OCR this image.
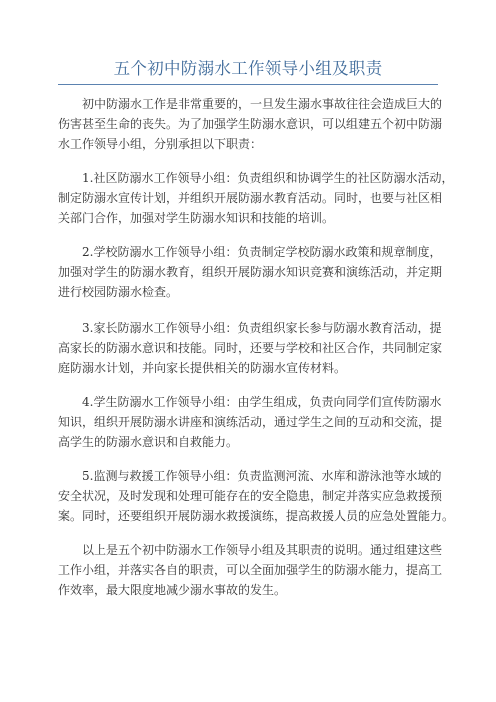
五个初中防溺水工作领导小组及职责
初中防溺水工作是非常重要的，一旦发生溺水事故往往会造成巨大的
伤害甚至生命的丧失。为了加强学生防溺水意识，可以组建五个初中防溺
水工作领导小组，分别承担以下职责：
1.社区防溺水工作领导小组：负责组织和协调学生的社区防溺水活动，
制定防溺水宣传计划，并组织开展防溺水教育活动。同时，也要与社区相
关部门合作，加强对学生防溺水知识和技能的培训。
2.学校防溺水工作领导小组：负责制定学校防溺水政策和规章制度，
加强对学生的防溺水教育，组织开展防溺水知识竞赛和演练活动，并定期
进行校园防溺水检查。
3.家长防溺水工作领导小组：负责组织家长参与防溺水教育活动，提
高家长的防溺水意识和技能。同时，还要与学校和社区合作，共同制定家
庭防溺水计划，并向家长提供相关的防溺水宣传材料。
4.学生防溺水工作领导小组：由学生组成，负责向同学们宣传防溺水
知识，组织开展防溺水讲座和演练活动，通过学生之间的互动和交流，提
高学生的防溺水意识和自救能力。
5.监测与救援工作领导小组：负责监测河流、水库和游泳池等水域的
安全状况，及时发现和处理可能存在的安全隐患，制定并落实应急救援预
案。同时，还要组织开展防溺水救援演练，提高救援人员的应急处置能力。
以上是五个初中防溺水工作领导小组及其职责的说明。通过组建这些
工作小组，并落实各自的职责，可以全面加强学生的防溺水能力，提高工
作效率，最大限度地减少溺水事故的发生。
